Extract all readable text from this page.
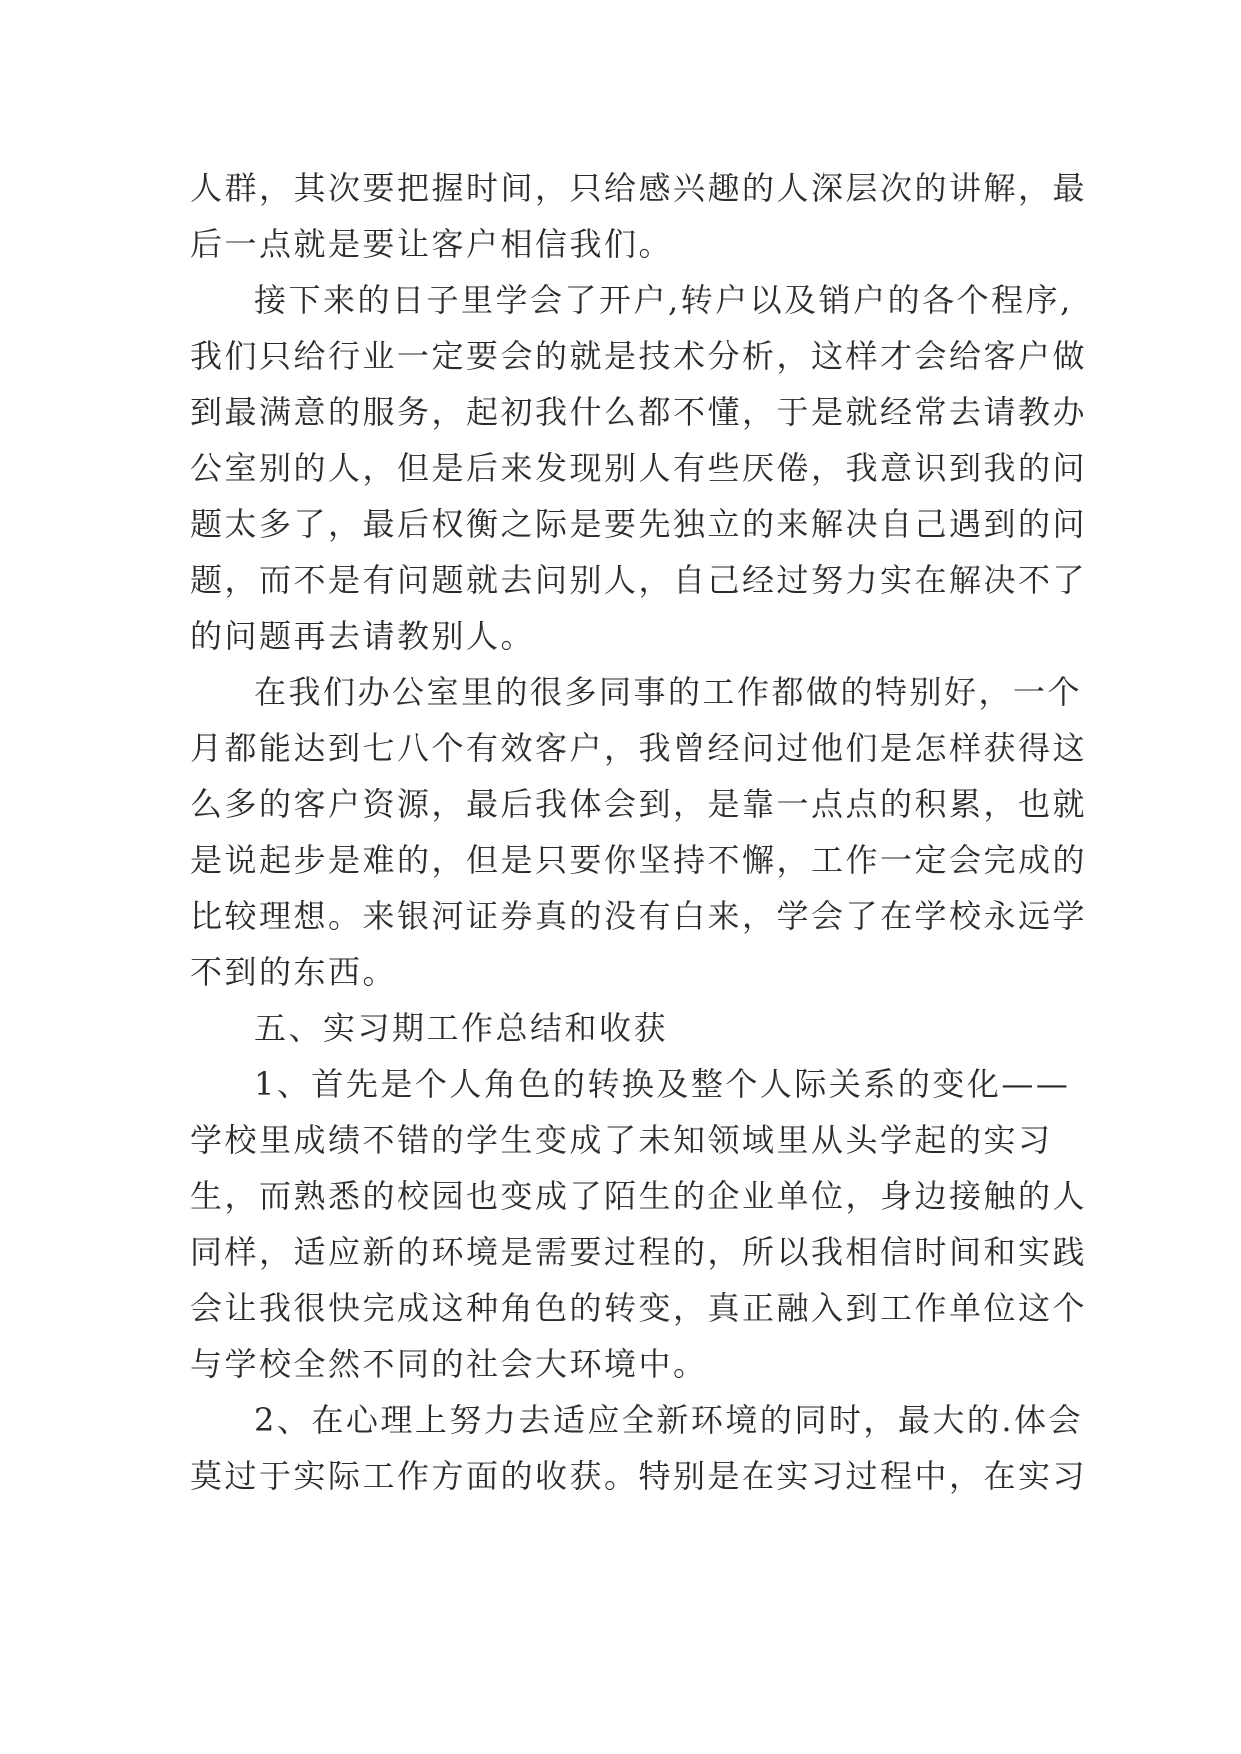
人群，其次要把握时间，只给感兴趣的人深层次的讲解，最
后一点就是要让客户相信我们。
接下来的日子里学会了开户,转户以及销户的各个程序,
我们只给行业一定要会的就是技术分析，这样才会给客户做
到最满意的服务，起初我什么都不懂，于是就经常去请教办
公室别的人，但是后来发现别人有些厌倦，我意识到我的问
题太多了，最后权衡之际是要先独立的来解决自己遇到的问
题，而不是有问题就去问别人，自己经过努力实在解决不了
的问题再去请教别人。
在我们办公室里的很多同事的工作都做的特别好，一个
月都能达到七八个有效客户，我曾经问过他们是怎样获得这
么多的客户资源，最后我体会到，是靠一点点的积累，也就
是说起步是难的，但是只要你坚持不懈，工作一定会完成的
比较理想。来银河证券真的没有白来，学会了在学校永远学
不到的东西。
五、实习期工作总结和收获
1、首先是个人角色的转换及整个人际关系的变化——
学校里成绩不错的学生变成了未知领域里从头学起的实习
生，而熟悉的校园也变成了陌生的企业单位，身边接触的人
同样，适应新的环境是需要过程的，所以我相信时间和实践
会让我很快完成这种角色的转变，真正融入到工作单位这个
与学校全然不同的社会大环境中。
2、在心理上努力去适应全新环境的同时，最大的.体会
莫过于实际工作方面的收获。特别是在实习过程中，在实习
